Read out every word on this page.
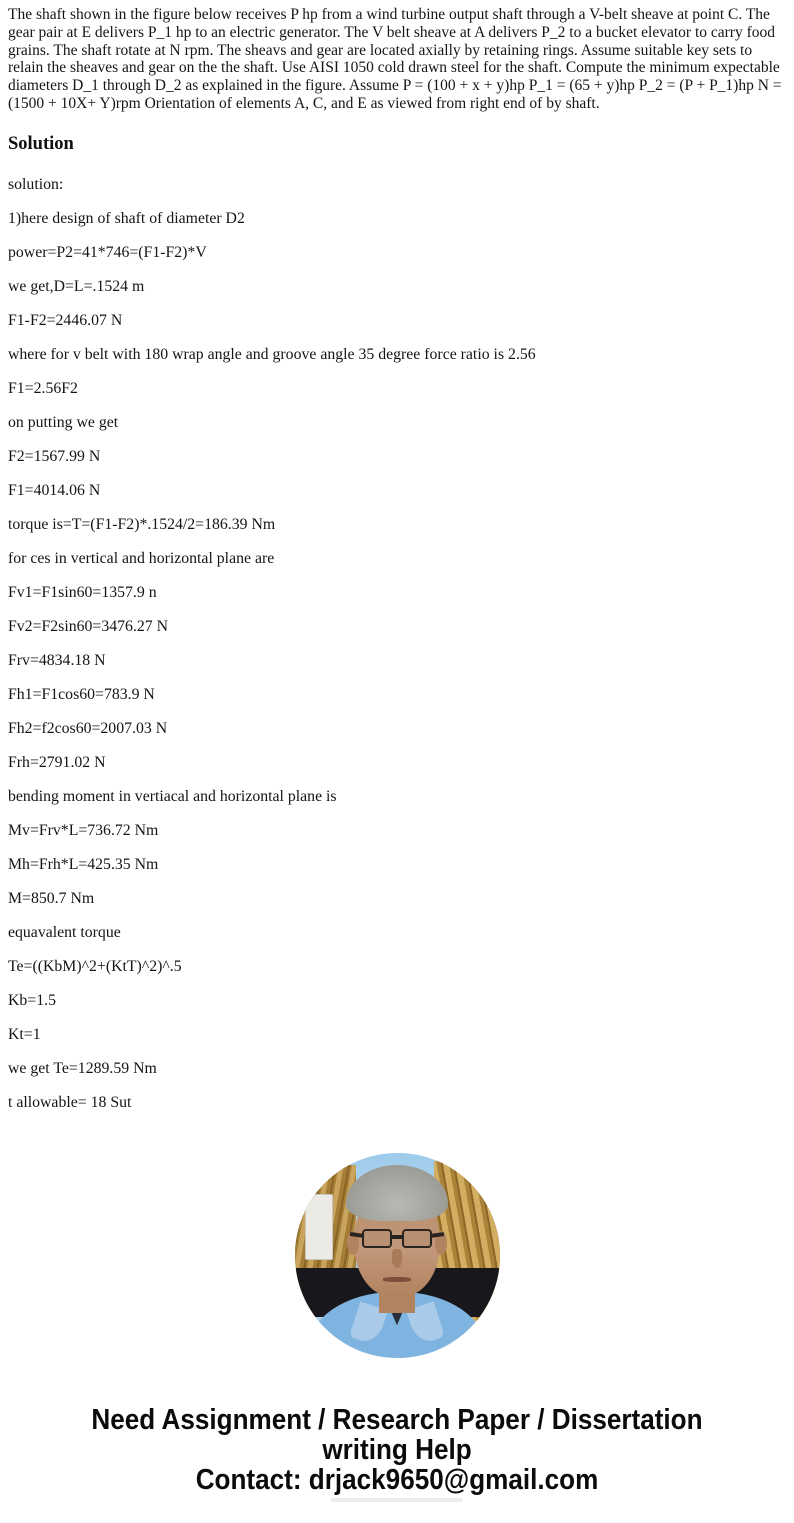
The shaft shown in the figure below receives P hp from a wind turbine output shaft through a V-belt sheave at point C. The gear pair at E delivers P_1 hp to an electric generator. The V belt sheave at A delivers P_2 to a bucket elevator to carry food grains. The shaft rotate at N rpm. The sheavs and gear are located axially by retaining rings. Assume suitable key sets to relain the sheaves and gear on the the shaft. Use AISI 1050 cold drawn steel for the shaft. Compute the minimum expectable diameters D_1 through D_2 as explained in the figure. Assume P = (100 + x + y)hp P_1 = (65 + y)hp P_2 = (P + P_1)hp N = (1500 + 10X+ Y)rpm Orientation of elements A, C, and E as viewed from right end of by shaft.

Solution

solution:

1)here design of shaft of diameter D2

power=P2=41*746=(F1-F2)*V

we get,D=L=.1524 m

F1-F2=2446.07 N

where for v belt with 180 wrap angle and groove angle 35 degree force ratio is 2.56

F1=2.56F2

on putting we get

F2=1567.99 N

F1=4014.06 N

torque is=T=(F1-F2)*.1524/2=186.39 Nm

for ces in vertical and horizontal plane are

Fv1=F1sin60=1357.9 n

Fv2=F2sin60=3476.27 N

Frv=4834.18 N

Fh1=F1cos60=783.9 N

Fh2=f2cos60=2007.03 N

Frh=2791.02 N

bending moment in vertiacal and horizontal plane is

Mv=Frv*L=736.72 Nm

Mh=Frh*L=425.35 Nm

M=850.7 Nm

equavalent torque

Te=((KbM)^2+(KtT)^2)^.5

Kb=1.5

Kt=1

we get Te=1289.59 Nm

t allowable= 18 Sut

Need Assignment / Research Paper / Dissertation
writing Help
Contact: drjack9650@gmail.com
